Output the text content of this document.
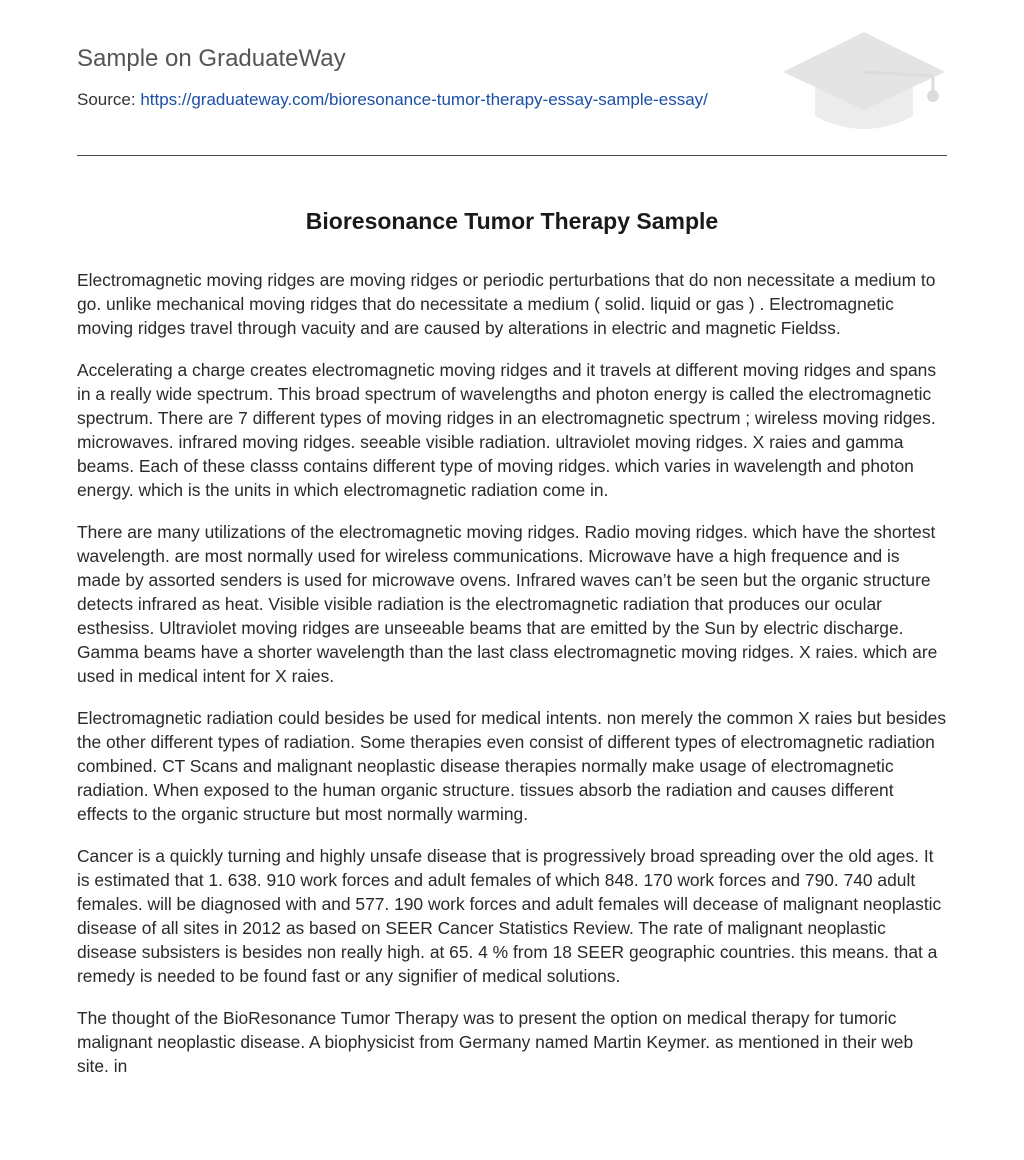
Sample on GraduateWay
Source: https://graduateway.com/bioresonance-tumor-therapy-essay-sample-essay/
Bioresonance Tumor Therapy Sample

Electromagnetic moving ridges are moving ridges or periodic perturbations that do non necessitate a medium to go. unlike mechanical moving ridges that do necessitate a medium ( solid. liquid or gas ) . Electromagnetic moving ridges travel through vacuity and are caused by alterations in electric and magnetic Fieldss.

Accelerating a charge creates electromagnetic moving ridges and it travels at different moving ridges and spans in a really wide spectrum. This broad spectrum of wavelengths and photon energy is called the electromagnetic spectrum. There are 7 different types of moving ridges in an electromagnetic spectrum ; wireless moving ridges. microwaves. infrared moving ridges. seeable visible radiation. ultraviolet moving ridges. X raies and gamma beams. Each of these classs contains different type of moving ridges. which varies in wavelength and photon energy. which is the units in which electromagnetic radiation come in.

There are many utilizations of the electromagnetic moving ridges. Radio moving ridges. which have the shortest wavelength. are most normally used for wireless communications. Microwave have a high frequence and is made by assorted senders is used for microwave ovens. Infrared waves can’t be seen but the organic structure detects infrared as heat. Visible visible radiation is the electromagnetic radiation that produces our ocular esthesiss. Ultraviolet moving ridges are unseeable beams that are emitted by the Sun by electric discharge. Gamma beams have a shorter wavelength than the last class electromagnetic moving ridges. X raies. which are used in medical intent for X raies.

Electromagnetic radiation could besides be used for medical intents. non merely the common X raies but besides the other different types of radiation. Some therapies even consist of different types of electromagnetic radiation combined. CT Scans and malignant neoplastic disease therapies normally make usage of electromagnetic radiation. When exposed to the human organic structure. tissues absorb the radiation and causes different effects to the organic structure but most normally warming.

Cancer is a quickly turning and highly unsafe disease that is progressively broad spreading over the old ages. It is estimated that 1. 638. 910 work forces and adult females of which 848. 170 work forces and 790. 740 adult females. will be diagnosed with and 577. 190 work forces and adult females will decease of malignant neoplastic disease of all sites in 2012 as based on SEER Cancer Statistics Review. The rate of malignant neoplastic disease subsisters is besides non really high. at 65. 4 % from 18 SEER geographic countries. this means. that a remedy is needed to be found fast or any signifier of medical solutions.

The thought of the BioResonance Tumor Therapy was to present the option on medical therapy for tumoric malignant neoplastic disease. A biophysicist from Germany named Martin Keymer. as mentioned in their web site. in
